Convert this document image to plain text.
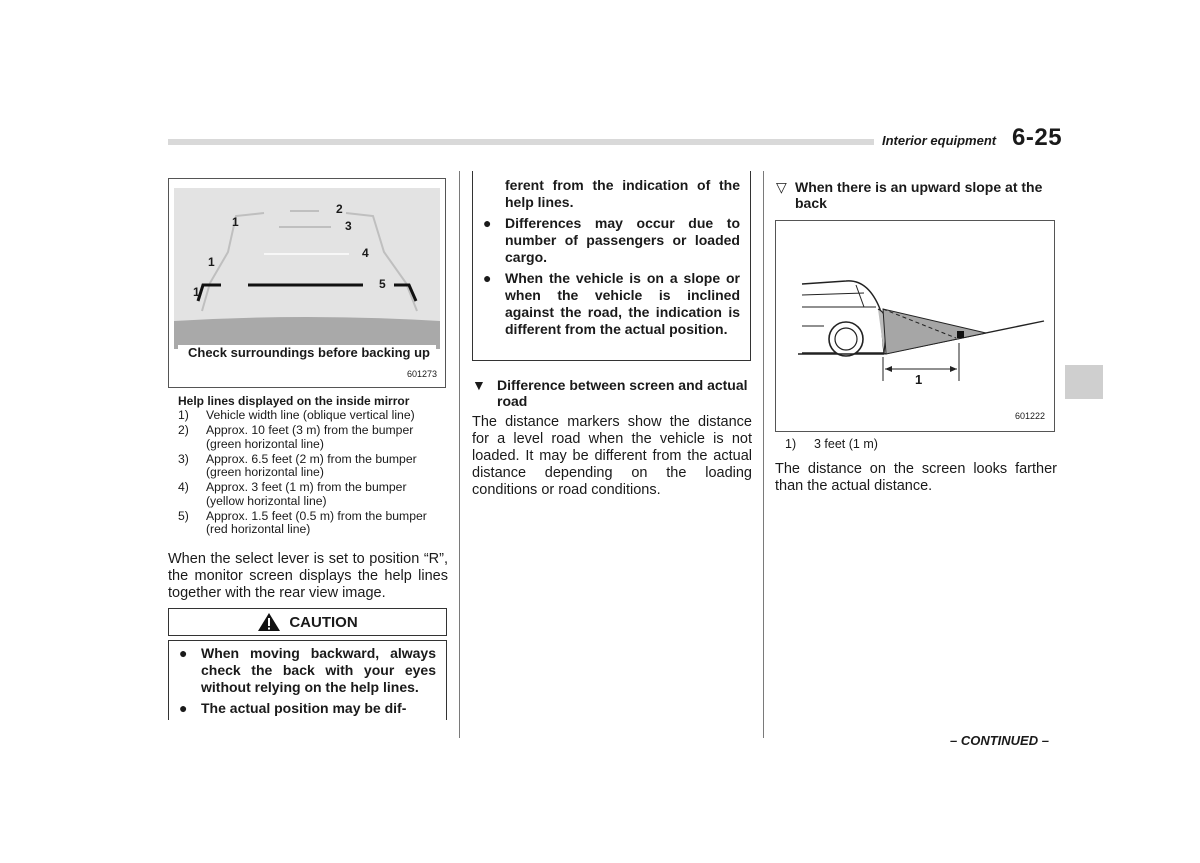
Interior equipment 6-25
1
1
1
2
3
4
5
Check surroundings before backing up
601273
Help lines displayed on the inside mirror
1)	Vehicle width line (oblique vertical line)
2)	Approx. 10 feet (3 m) from the bumper (green horizontal line)
3)	Approx. 6.5 feet (2 m) from the bumper (green horizontal line)
4)	Approx. 3 feet (1 m) from the bumper (yellow horizontal line)
5)	Approx. 1.5 feet (0.5 m) from the bumper (red horizontal line)
When the select lever is set to position “R”, the monitor screen displays the help lines together with the rear view image.
CAUTION
● When moving backward, always check the back with your eyes without relying on the help lines.
● The actual position may be dif-
ferent from the indication of the help lines.
● Differences may occur due to number of passengers or loaded cargo.
● When the vehicle is on a slope or when the vehicle is inclined against the road, the indication is different from the actual position.
▼ Difference between screen and actual road
The distance markers show the distance for a level road when the vehicle is not loaded. It may be different from the actual distance depending on the loading conditions or road conditions.
▽ When there is an upward slope at the back
1
601222
1)	3 feet (1 m)
The distance on the screen looks farther than the actual distance.
– CONTINUED –
